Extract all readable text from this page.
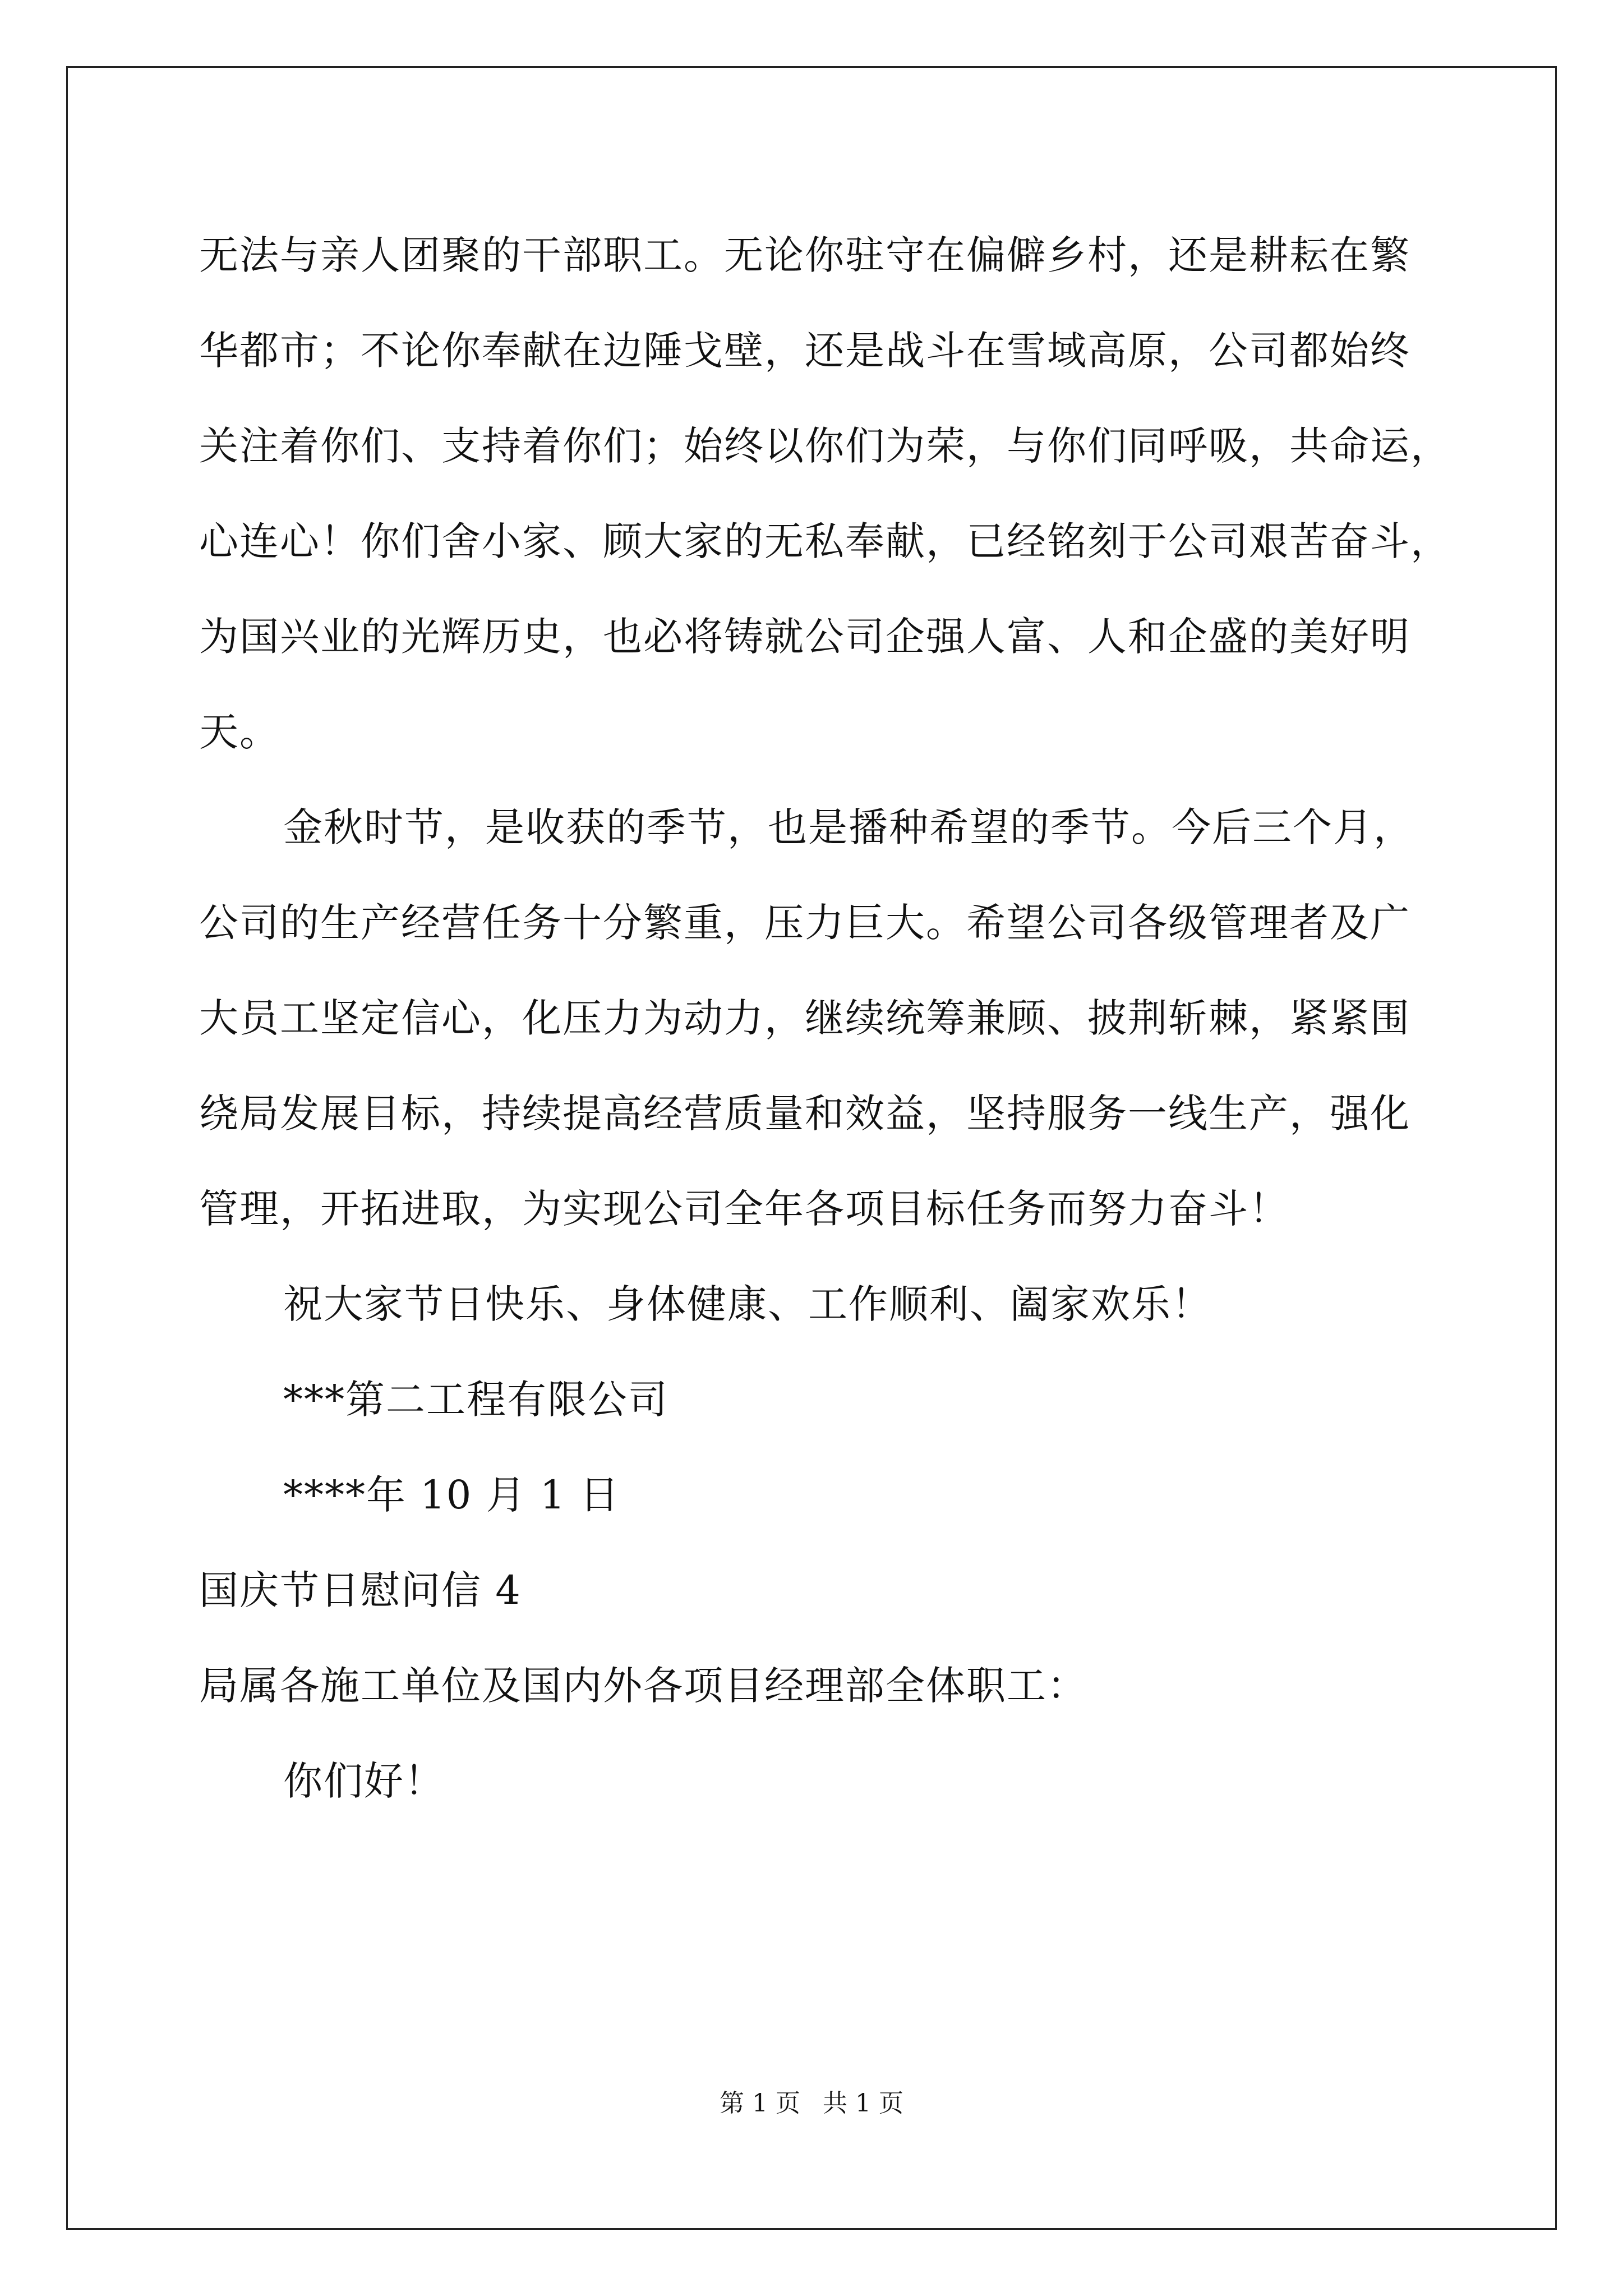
无法与亲人团聚的干部职工。无论你驻守在偏僻乡村，还是耕耘在繁
华都市；不论你奉献在边陲戈壁，还是战斗在雪域高原，公司都始终
关注着你们、支持着你们；始终以你们为荣，与你们同呼吸，共命运，
心连心！你们舍小家、顾大家的无私奉献，已经铭刻于公司艰苦奋斗，
为国兴业的光辉历史，也必将铸就公司企强人富、人和企盛的美好明
天。
金秋时节，是收获的季节，也是播种希望的季节。今后三个月，
公司的生产经营任务十分繁重，压力巨大。希望公司各级管理者及广
大员工坚定信心，化压力为动力，继续统筹兼顾、披荆斩棘，紧紧围
绕局发展目标，持续提高经营质量和效益，坚持服务一线生产，强化
管理，开拓进取，为实现公司全年各项目标任务而努力奋斗！
祝大家节日快乐、身体健康、工作顺利、阖家欢乐！
***第二工程有限公司
****年 10 月 1 日
国庆节日慰问信 4
局属各施工单位及国内外各项目经理部全体职工：
你们好！
第 1 页 共 1 页
